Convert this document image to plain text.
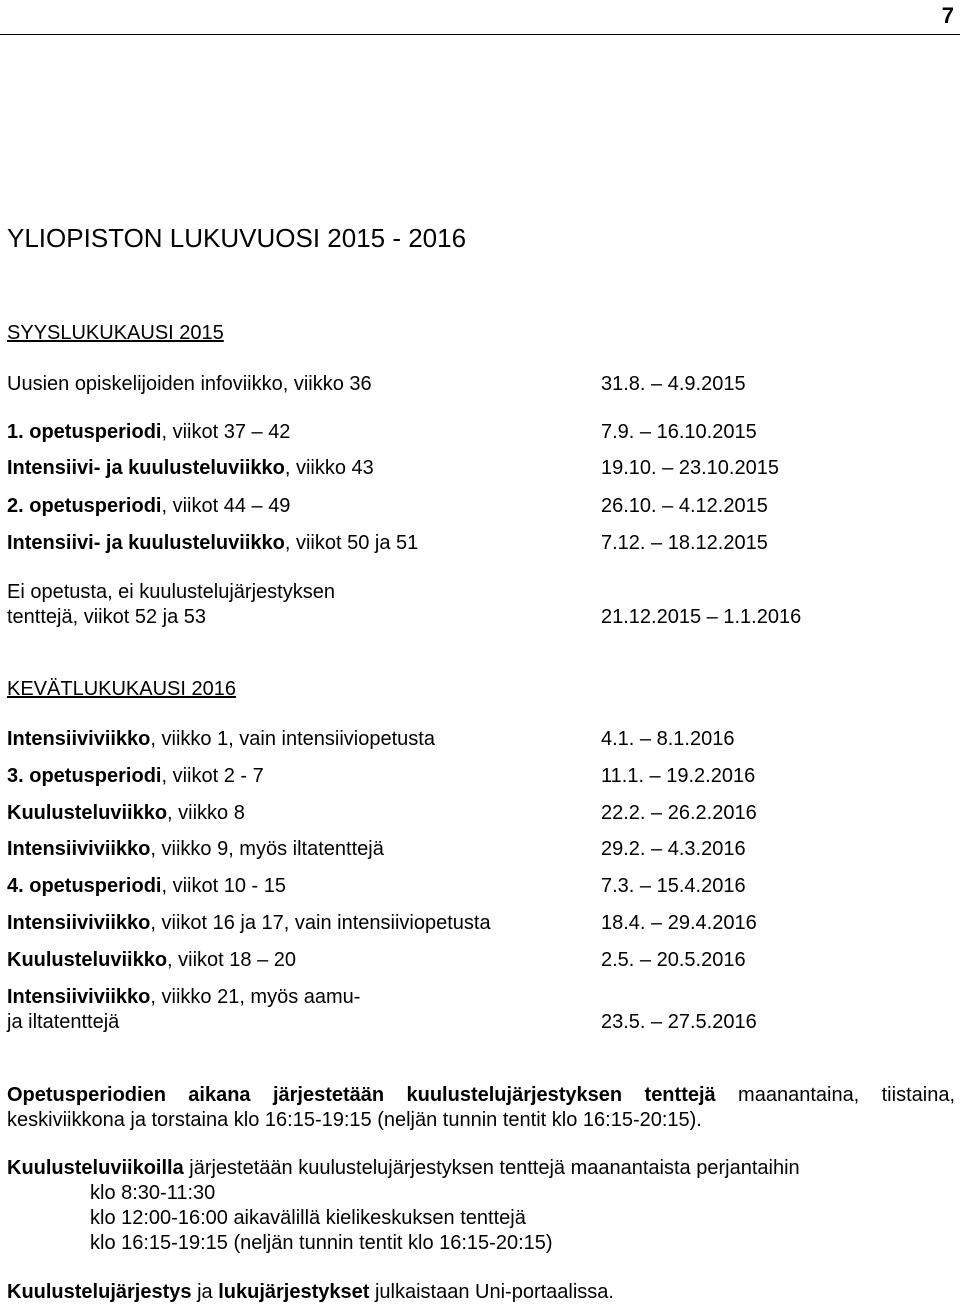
7
YLIOPISTON LUKUVUOSI 2015 - 2016
SYYSLUKUKAUSI 2015
Uusien opiskelijoiden infoviikko, viikko 36	31.8. – 4.9.2015
1. opetusperiodi, viikot 37 – 42	7.9. – 16.10.2015
Intensiivi- ja kuulusteluviikko, viikko 43	19.10. – 23.10.2015
2. opetusperiodi, viikot 44 – 49	26.10. – 4.12.2015
Intensiivi- ja kuulusteluviikko, viikot 50 ja 51	7.12. – 18.12.2015
Ei opetusta, ei kuulustelujärjestyksen
tenttejä, viikot 52 ja 53	21.12.2015 – 1.1.2016
KEVÄTLUKUKAUSI 2016
Intensiiviviikko, viikko 1, vain intensiiviopetusta	4.1. – 8.1.2016
3. opetusperiodi, viikot 2 - 7	11.1. – 19.2.2016
Kuulusteluviikko, viikko 8	22.2. – 26.2.2016
Intensiiviviikko, viikko 9, myös iltatenttejä	29.2. – 4.3.2016
4. opetusperiodi, viikot 10 - 15	7.3. – 15.4.2016
Intensiiviviikko, viikot 16 ja 17, vain intensiiviopetusta	18.4. – 29.4.2016
Kuulusteluviikko, viikot 18 – 20	2.5. – 20.5.2016
Intensiiviviikko, viikko 21, myös aamu-
ja iltatenttejä	23.5. – 27.5.2016

Opetusperiodien aikana järjestetään kuulustelujärjestyksen tenttejä maanantaina, tiistaina, keskiviikkona ja torstaina klo 16:15-19:15 (neljän tunnin tentit klo 16:15-20:15).

Kuulusteluviikoilla järjestetään kuulustelujärjestyksen tenttejä maanantaista perjantaihin
klo 8:30-11:30
klo 12:00-16:00 aikavälillä kielikeskuksen tenttejä
klo 16:15-19:15 (neljän tunnin tentit klo 16:15-20:15)

Kuulustelujärjestys ja lukujärjestykset julkaistaan Uni-portaalissa.
